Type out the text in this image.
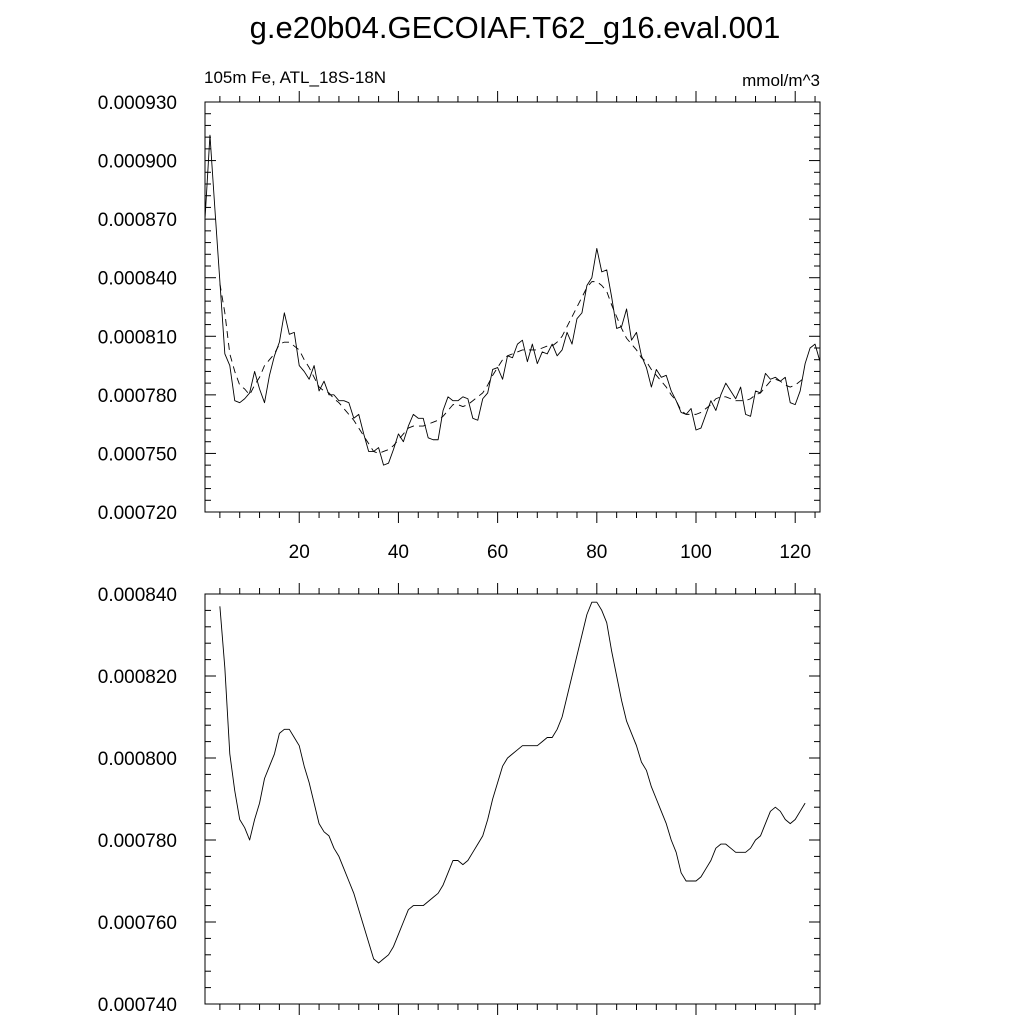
g.e20b04.GECOIAF.T62_g16.eval.001
105m Fe, ATL_18S-18N	mmol/m^3
0.000720
0.000750
0.000780
0.000810
0.000840
0.000870
0.000900
0.000930
20	40	60	80	100	120
0.000740
0.000760
0.000780
0.000800
0.000820
0.000840
